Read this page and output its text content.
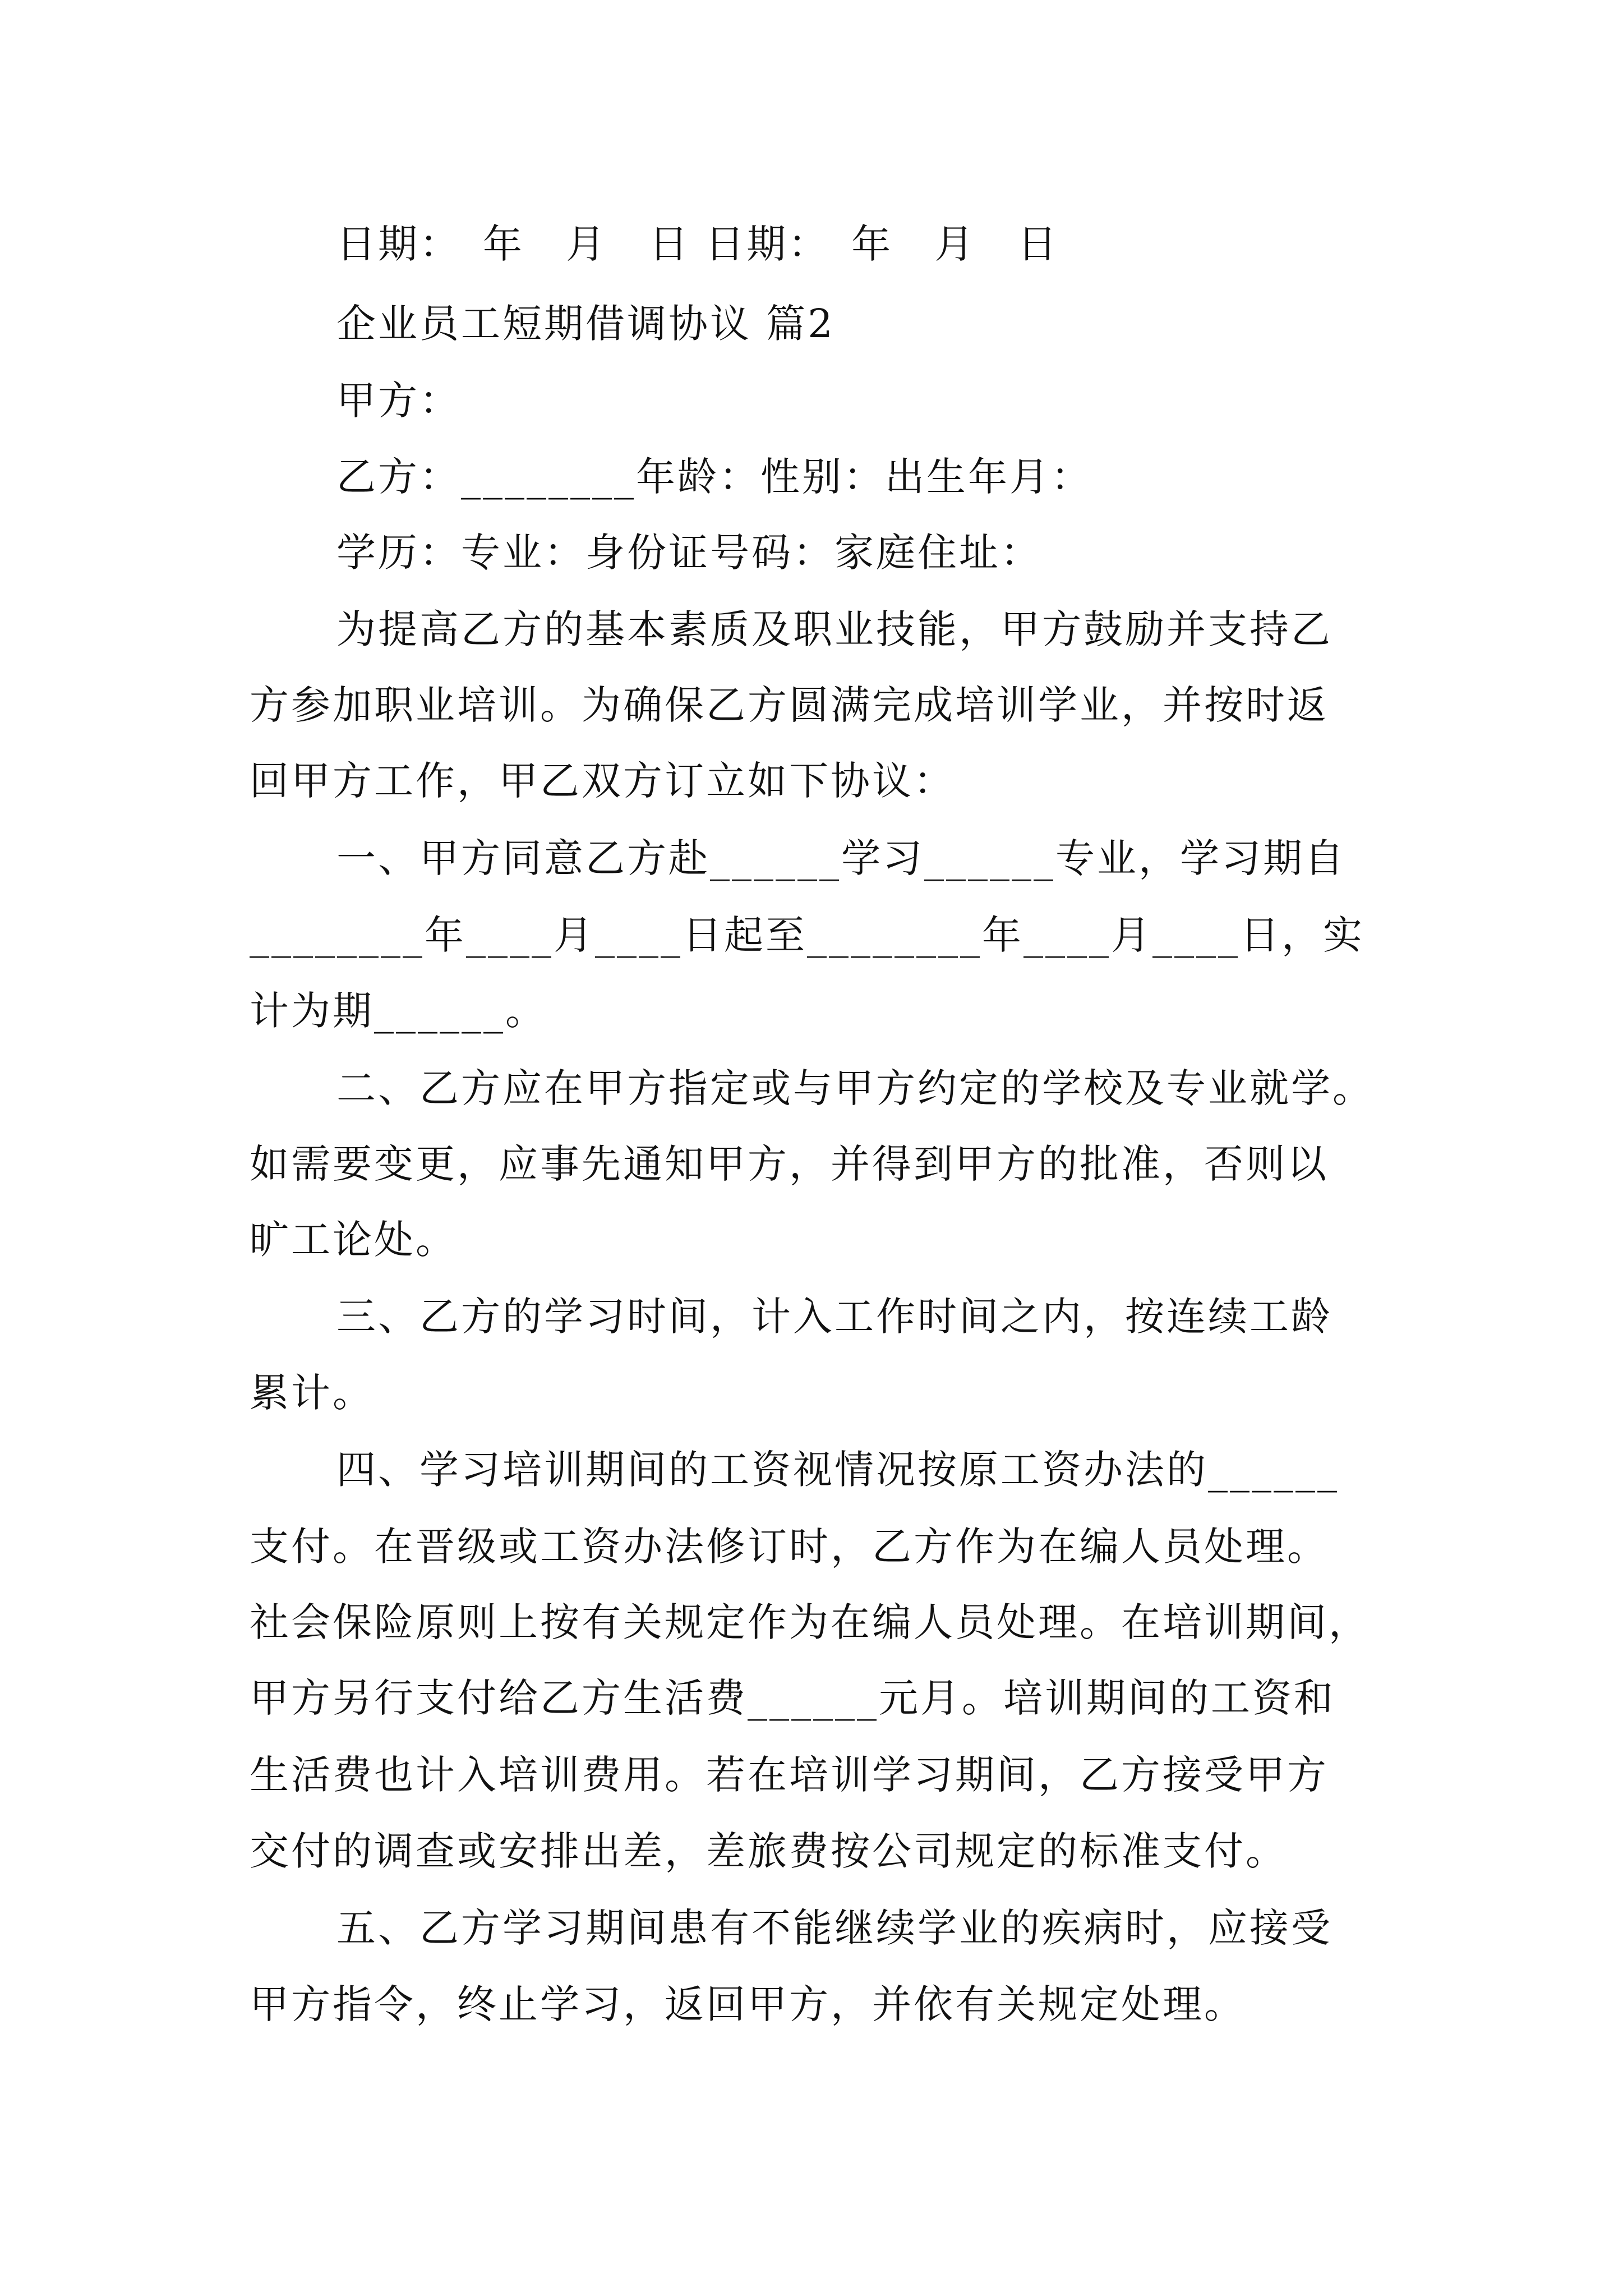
日期：　年　月　日 日期：　年　月　日
企业员工短期借调协议 篇2
甲方：
乙方：________年龄：性别：出生年月：
学历：专业：身份证号码：家庭住址：
为提高乙方的基本素质及职业技能，甲方鼓励并支持乙
方参加职业培训。为确保乙方圆满完成培训学业，并按时返
回甲方工作，甲乙双方订立如下协议：
一、甲方同意乙方赴______学习______专业，学习期自
________年____月____日起至________年____月____日，实
计为期______。
二、乙方应在甲方指定或与甲方约定的学校及专业就学。
如需要变更，应事先通知甲方，并得到甲方的批准，否则以
旷工论处。
三、乙方的学习时间，计入工作时间之内，按连续工龄
累计。
四、学习培训期间的工资视情况按原工资办法的______
支付。在晋级或工资办法修订时，乙方作为在编人员处理。
社会保险原则上按有关规定作为在编人员处理。在培训期间，
甲方另行支付给乙方生活费______元月。培训期间的工资和
生活费也计入培训费用。若在培训学习期间，乙方接受甲方
交付的调查或安排出差，差旅费按公司规定的标准支付。
五、乙方学习期间患有不能继续学业的疾病时，应接受
甲方指令，终止学习，返回甲方，并依有关规定处理。
